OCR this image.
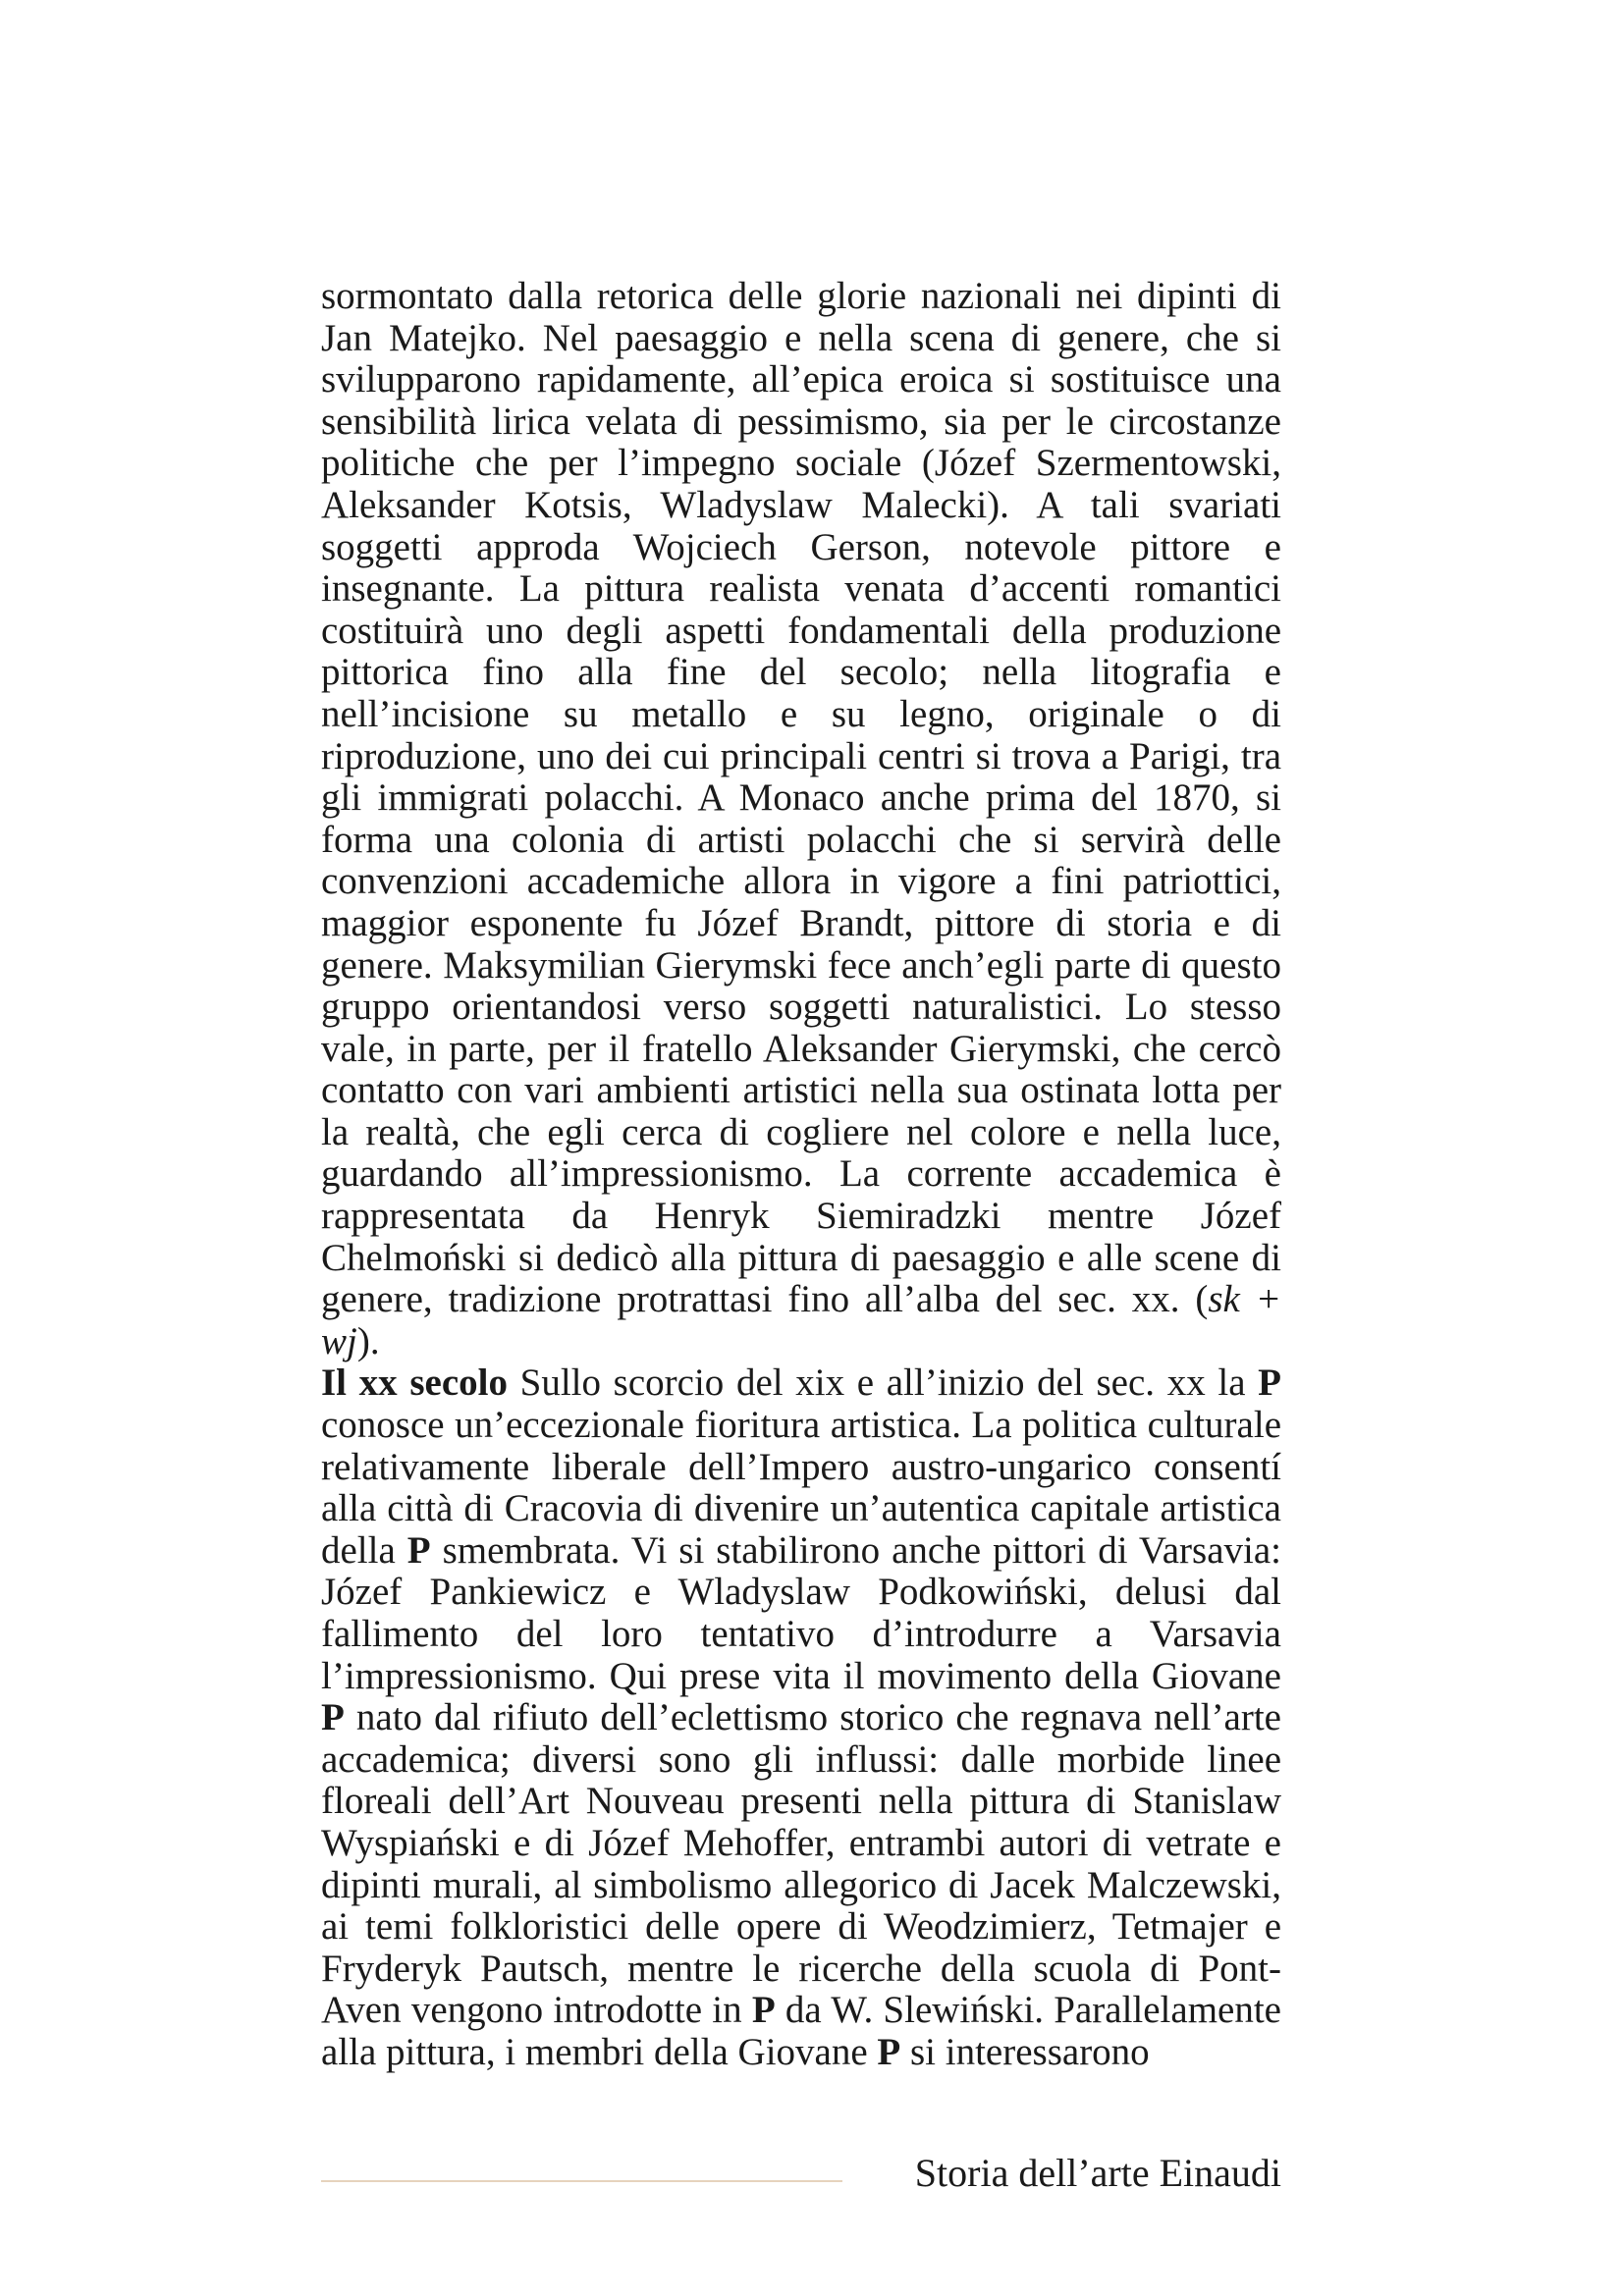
sormontato dalla retorica delle glorie nazionali nei dipinti di Jan Matejko. Nel paesaggio e nella scena di genere, che si svilupparono rapidamente, all’epica eroica si sostituisce una sensibilità lirica velata di pessimismo, sia per le circostanze politiche che per l’impegno sociale (Józef Szermentowski, Aleksander Kotsis, Wladyslaw Malecki). A tali svariati soggetti approda Wojciech Gerson, notevole pittore e insegnante. La pittura realista venata d’accenti romantici costituirà uno degli aspetti fondamentali della produzione pittorica fino alla fine del secolo; nella litografia e nell’incisione su metallo e su legno, originale o di riproduzione, uno dei cui principali centri si trova a Parigi, tra gli immigrati polacchi. A Monaco anche prima del 1870, si forma una colonia di artisti polacchi che si servirà delle convenzioni accademiche allora in vigore a fini patriottici, maggior esponente fu Józef Brandt, pittore di storia e di genere. Maksymilian Gierymski fece anch’egli parte di questo gruppo orientandosi verso soggetti naturalistici. Lo stesso vale, in parte, per il fratello Aleksander Gierymski, che cercò contatto con vari ambienti artistici nella sua ostinata lotta per la realtà, che egli cerca di cogliere nel colore e nella luce, guardando all’impressionismo. La corrente accademica è rappresentata da Henryk Siemiradzki mentre Józef Chelmoński si dedicò alla pittura di paesaggio e alle scene di genere, tradizione protrattasi fino all’alba del sec. xx. (sk + wj).

Il xx secolo Sullo scorcio del xix e all’inizio del sec. xx la P conosce un’eccezionale fioritura artistica. La politica culturale relativamente liberale dell’Impero austro-ungarico consentí alla città di Cracovia di divenire un’autentica capitale artistica della P smembrata. Vi si stabilirono anche pittori di Varsavia: Józef Pankiewicz e Wladyslaw Podkowiński, delusi dal fallimento del loro tentativo d’introdurre a Varsavia l’impressionismo. Qui prese vita il movimento della Giovane P nato dal rifiuto dell’eclettismo storico che regnava nell’arte accademica; diversi sono gli influssi: dalle morbide linee floreali dell’Art Nouveau presenti nella pittura di Stanislaw Wyspiański e di Józef Mehoffer, entrambi autori di vetrate e dipinti murali, al simbolismo allegorico di Jacek Malczewski, ai temi folkloristici delle opere di Weodzimierz, Tetmajer e Fryderyk Pautsch, mentre le ricerche della scuola di Pont-Aven vengono introdotte in P da W. Slewiński. Parallelamente alla pittura, i membri della Giovane P si interessarono

Storia dell’arte Einaudi
